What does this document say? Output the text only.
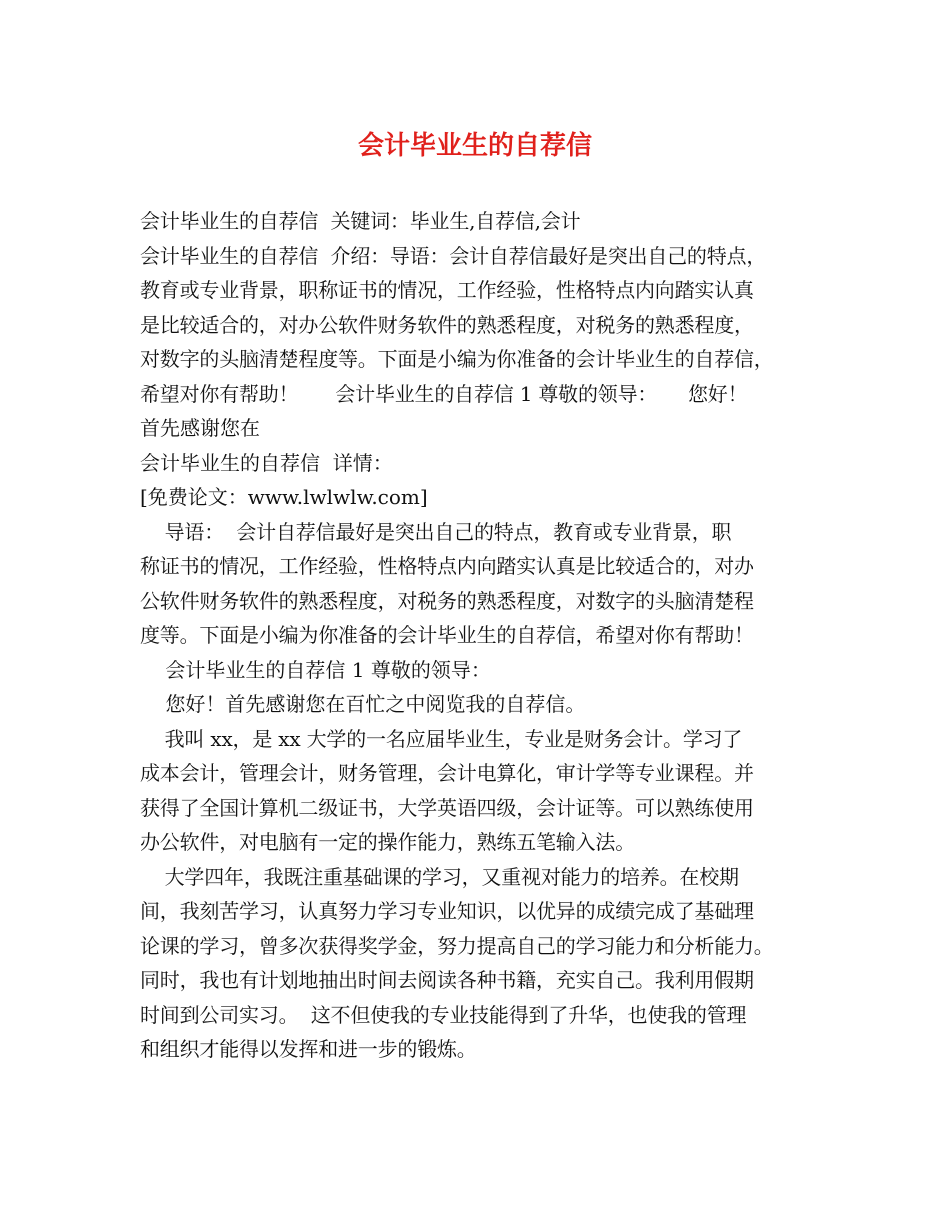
会计毕业生的自荐信
会计毕业生的自荐信  关键词：毕业生,自荐信,会计
会计毕业生的自荐信  介绍：导语：会计自荐信最好是突出自己的特点，
教育或专业背景，职称证书的情况，工作经验，性格特点内向踏实认真
是比较适合的，对办公软件财务软件的熟悉程度，对税务的熟悉程度，
对数字的头脑清楚程度等。下面是小编为你准备的会计毕业生的自荐信，
希望对你有帮助！      会计毕业生的自荐信 1 尊敬的领导：     您好！
首先感谢您在
会计毕业生的自荐信  详情：
[免费论文：www.lwlwlw.com]
导语：  会计自荐信最好是突出自己的特点，教育或专业背景，职
称证书的情况，工作经验，性格特点内向踏实认真是比较适合的，对办
公软件财务软件的熟悉程度，对税务的熟悉程度，对数字的头脑清楚程
度等。下面是小编为你准备的会计毕业生的自荐信，希望对你有帮助！
会计毕业生的自荐信 1 尊敬的领导：
您好！首先感谢您在百忙之中阅览我的自荐信。
我叫 xx，是 xx 大学的一名应届毕业生，专业是财务会计。学习了
成本会计，管理会计，财务管理，会计电算化，审计学等专业课程。并
获得了全国计算机二级证书，大学英语四级，会计证等。可以熟练使用
办公软件，对电脑有一定的操作能力，熟练五笔输入法。
大学四年，我既注重基础课的学习，又重视对能力的培养。在校期
间，我刻苦学习，认真努力学习专业知识，以优异的成绩完成了基础理
论课的学习，曾多次获得奖学金，努力提高自己的学习能力和分析能力。
同时，我也有计划地抽出时间去阅读各种书籍，充实自己。我利用假期
时间到公司实习。  这不但使我的专业技能得到了升华，也使我的管理
和组织才能得以发挥和进一步的锻炼。
